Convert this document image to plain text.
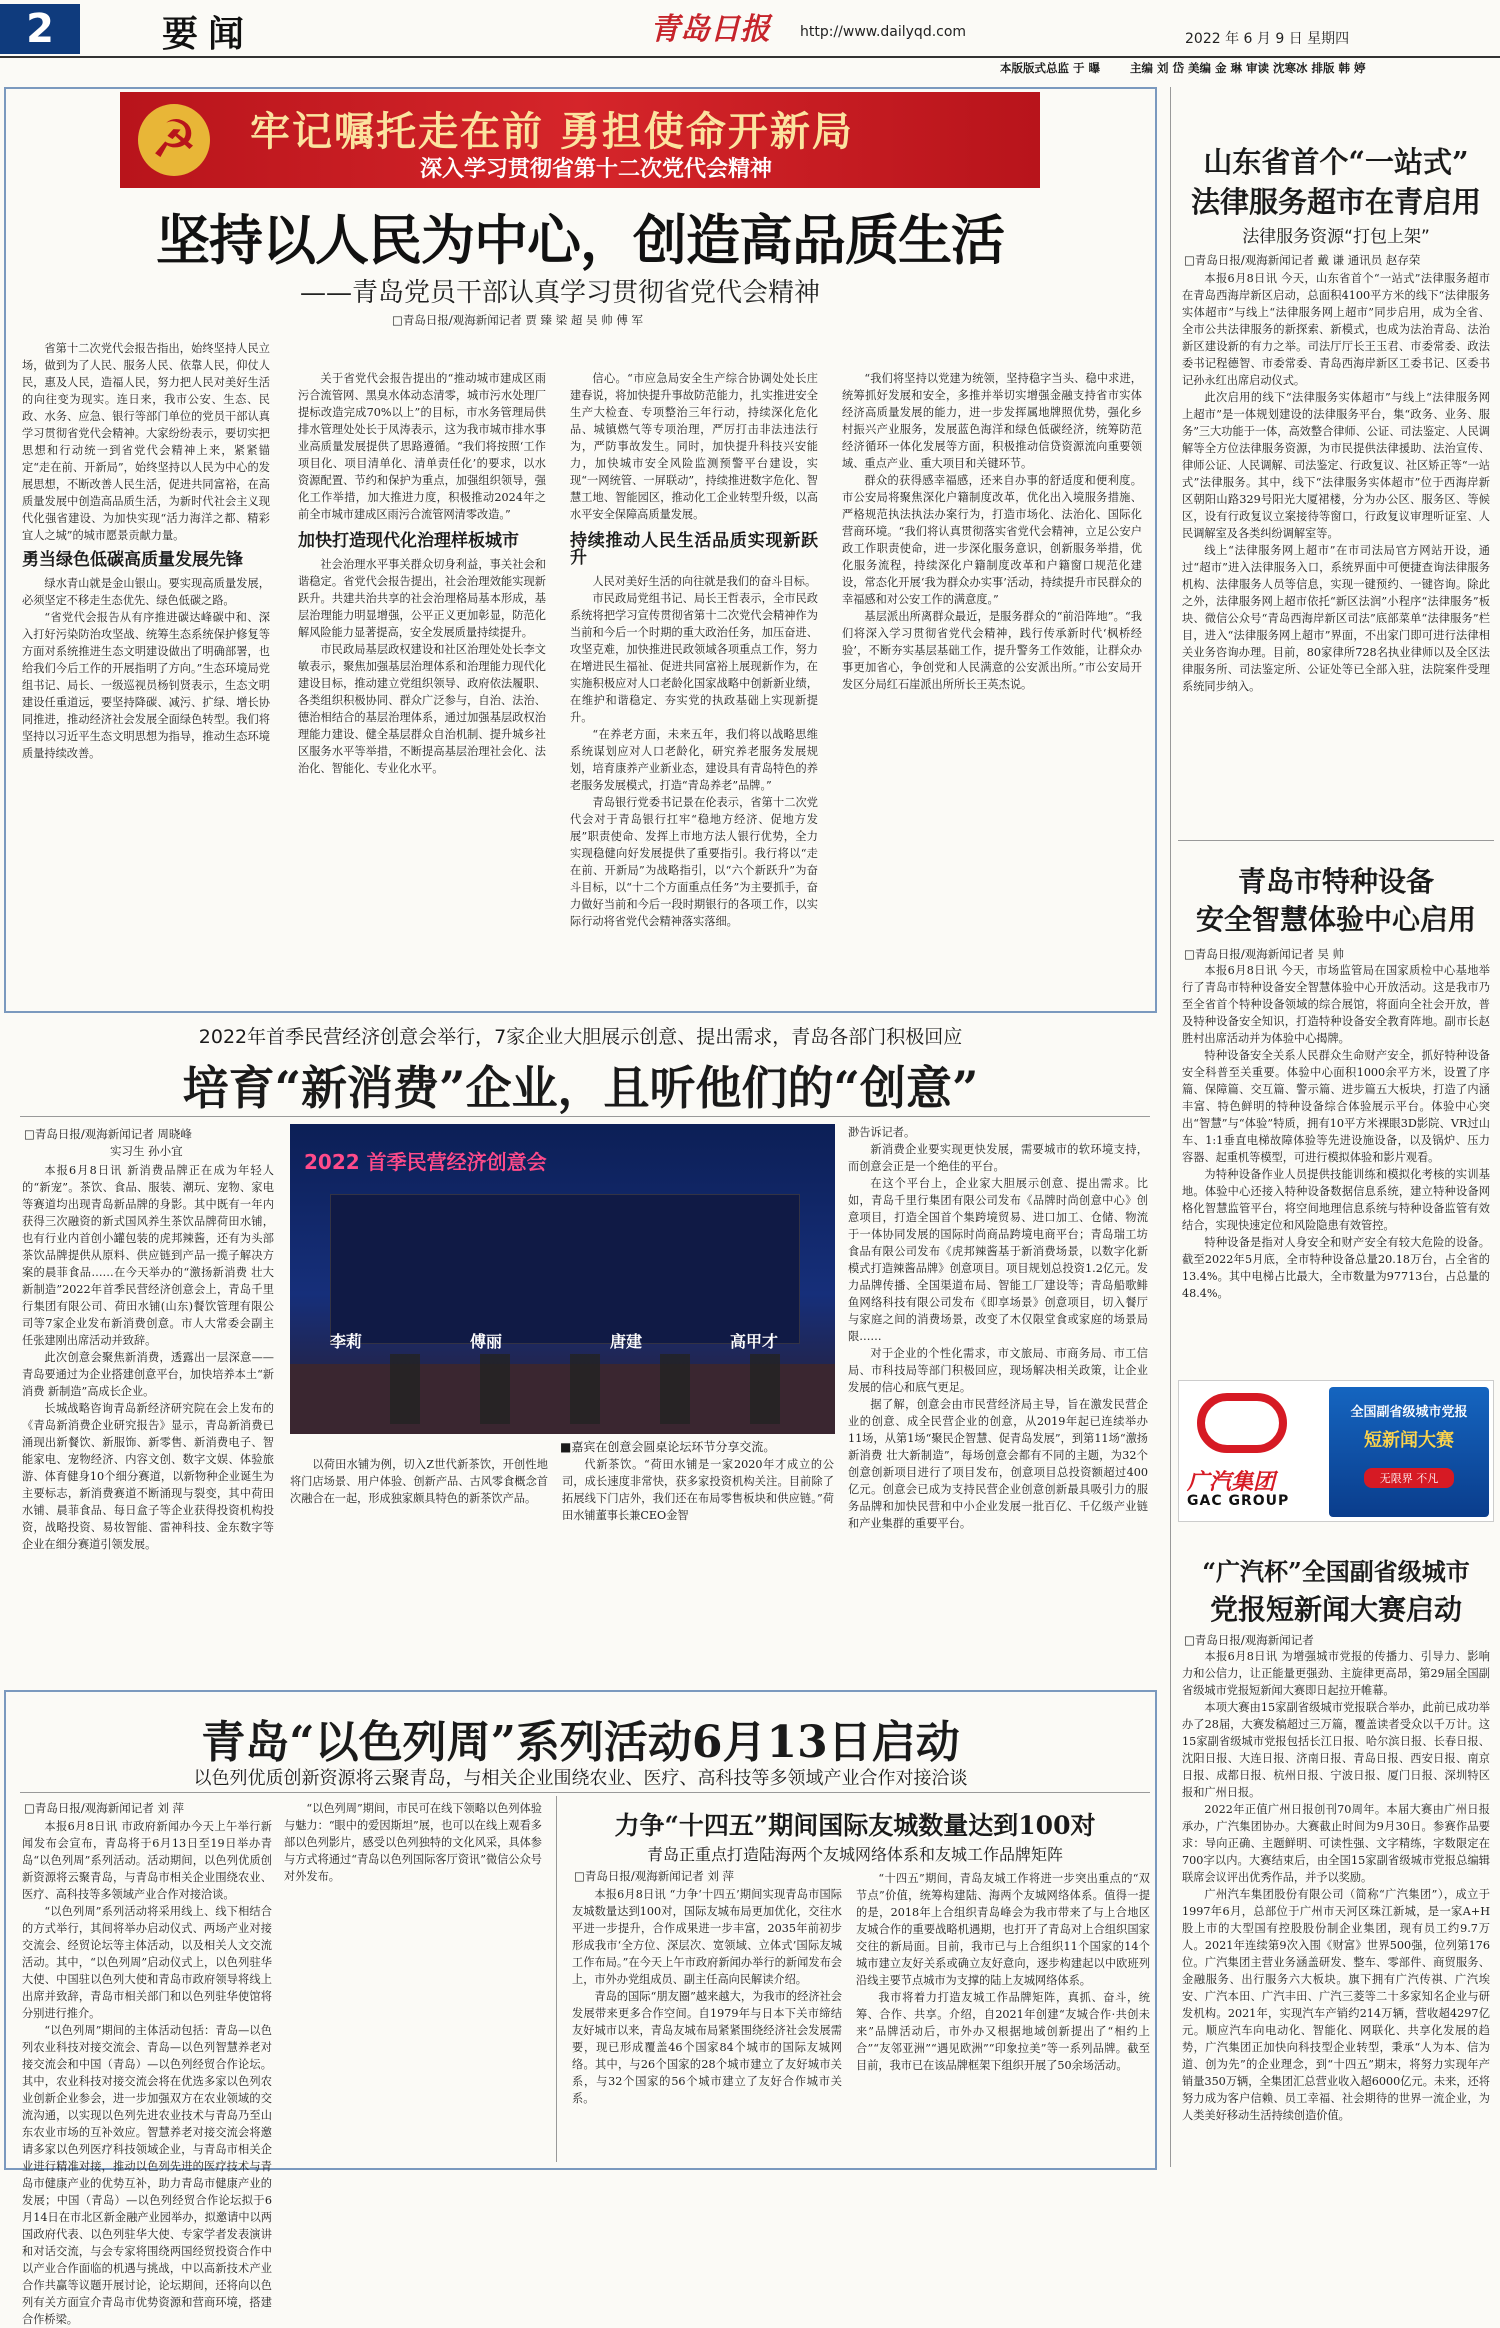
2	要闻	青岛日报 http://www.dailyqd.com	2022 年 6 月 9 日 星期四
本版版式总监 于 曝	主编 刘 岱 美编 金 琳 审读 沈寒冰 排版 韩 婷
☭	牢记嘱托走在前 勇担使命开新局
深入学习贯彻省第十二次党代会精神
坚持以人民为中心，创造高品质生活
——青岛党员干部认真学习贯彻省党代会精神
□青岛日报/观海新闻记者 贾 臻 梁 超 吴 帅 傅 军

省第十二次党代会报告指出，始终坚持人民立场，做到为了人民、服务人民、依靠人民，仰仗人民，惠及人民，造福人民，努力把人民对美好生活的向往变为现实。连日来，我市公安、生态、民政、水务、应急、银行等部门单位的党员干部认真学习贯彻省党代会精神。大家纷纷表示，要切实把思想和行动统一到省党代会精神上来，紧紧锚定“走在前、开新局”，始终坚持以人民为中心的发展思想，不断改善人民生活，促进共同富裕，在高质量发展中创造高品质生活，为新时代社会主义现代化强省建设、为加快实现“活力海洋之都、精彩宜人之城”的城市愿景贡献力量。

勇当绿色低碳高质量发展先锋

绿水青山就是金山银山。要实现高质量发展，必须坚定不移走生态优先、绿色低碳之路。

“省党代会报告从有序推进碳达峰碳中和、深入打好污染防治攻坚战、统筹生态系统保护修复等方面对系统推进生态文明建设做出了明确部署，也给我们今后工作的开展指明了方向。”生态环境局党组书记、局长、一级巡视员杨钊贤表示，生态文明建设任重道远，要坚持降碳、减污、扩绿、增长协同推进，推动经济社会发展全面绿色转型。我们将坚持以习近平生态文明思想为指导，推动生态环境质量持续改善。

关于省党代会报告提出的“推动城市建成区雨污合流管网、黑臭水体动态清零，城市污水处理厂提标改造完成70%以上”的目标，市水务管理局供排水管理处处长于凤涛表示，这为我市城市排水事业高质量发展提供了思路遵循。“我们将按照‘工作项目化、项目清单化、清单责任化’的要求，以水资源配置、节约和保护为重点，加强组织领导，强化工作举措，加大推进力度，积极推动2024年之前全市城市建成区雨污合流管网清零改造。”

加快打造现代化治理样板城市

社会治理水平事关群众切身利益，事关社会和谐稳定。省党代会报告提出，社会治理效能实现新跃升。共建共治共享的社会治理格局基本形成，基层治理能力明显增强，公平正义更加彰显，防范化解风险能力显著提高，安全发展质量持续提升。

市民政局基层政权建设和社区治理处处长李文敏表示，聚焦加强基层治理体系和治理能力现代化建设目标，推动建立党组织领导、政府依法履职、各类组织积极协同、群众广泛参与，自治、法治、德治相结合的基层治理体系，通过加强基层政权治理能力建设、健全基层群众自治机制、提升城乡社区服务水平等举措，不断提高基层治理社会化、法治化、智能化、专业化水平。

信心。“市应急局安全生产综合协调处处长庄建春说，将加快提升事故防范能力，扎实推进安全生产大检查、专项整治三年行动，持续深化危化品、城镇燃气等专项治理，严厉打击非法违法行为，严防事故发生。同时，加快提升科技兴安能力，加快城市安全风险监测预警平台建设，实现“一网统管、一屏联动”，持续推进数字危化、智慧工地、智能园区，推动化工企业转型升级，以高水平安全保障高质量发展。

持续推动人民生活品质实现新跃升

人民对美好生活的向往就是我们的奋斗目标。

市民政局党组书记、局长王哲表示，全市民政系统将把学习宣传贯彻省第十二次党代会精神作为当前和今后一个时期的重大政治任务，加压奋进、攻坚克难，加快推进民政领域各项重点工作，努力在增进民生福祉、促进共同富裕上展现新作为，在实施积极应对人口老龄化国家战略中创新新业绩，在维护和谐稳定、夯实党的执政基础上实现新提升。

“在养老方面，未来五年，我们将以战略思维系统谋划应对人口老龄化，研究养老服务发展规划，培育康养产业新业态，建设具有青岛特色的养老服务发展模式，打造“青岛养老”品牌。”

青岛银行党委书记景在伦表示，省第十二次党代会对于青岛银行扛牢“稳地方经济、促地方发展”职责使命、发挥上市地方法人银行优势，全力实现稳健向好发展提供了重要指引。我行将以“走在前、开新局”为战略指引，以“六个新跃升”为奋斗目标，以“十二个方面重点任务”为主要抓手，奋力做好当前和今后一段时期银行的各项工作，以实际行动将省党代会精神落实落细。

“我们将坚持以党建为统领，坚持稳字当头、稳中求进，统筹抓好发展和安全，多推并举切实增强金融支持省市实体经济高质量发展的能力，进一步发挥属地牌照优势，强化乡村振兴产业服务，发展蓝色海洋和绿色低碳经济，统筹防范经济循环一体化发展等方面，积极推动信贷资源流向重要领域、重点产业、重大项目和关键环节。

群众的获得感幸福感，还来自办事的舒适度和便利度。市公安局将聚焦深化户籍制度改革，优化出入境服务措施、严格规范执法执法办案行为，打造市场化、法治化、国际化营商环境。“我们将认真贯彻落实省党代会精神，立足公安户政工作职责使命，进一步深化服务意识，创新服务举措，优化服务流程，持续深化户籍制度改革和户籍窗口规范化建设，常态化开展‘我为群众办实事’活动，持续提升市民群众的幸福感和对公安工作的满意度。”

基层派出所离群众最近，是服务群众的“前沿阵地”。“我们将深入学习贯彻省党代会精神，践行传承新时代‘枫桥经验’，不断夯实基层基础工作，提升警务工作效能，让群众办事更加省心，争创党和人民满意的公安派出所。”市公安局开发区分局红石崖派出所所长王英杰说。

山东省首个“一站式”
法律服务超市在青启用
法律服务资源“打包上架”
□青岛日报/观海新闻记者 戴 谦 通讯员 赵存荣

本报6月8日讯 今天，山东省首个“一站式”法律服务超市在青岛西海岸新区启动，总面积4100平方米的线下“法律服务实体超市”与线上“法律服务网上超市”同步启用，成为全省、全市公共法律服务的新探索、新模式，也成为法治青岛、法治新区建设新的有力之举。司法厅厅长王玉君、市委常委、政法委书记程德智、市委常委、青岛西海岸新区工委书记、区委书记孙永红出席启动仪式。

此次启用的线下“法律服务实体超市”与线上“法律服务网上超市”是一体规划建设的法律服务平台，集“政务、业务、服务”三大功能于一体，高效整合律师、公证、司法鉴定、人民调解等全方位法律服务资源，为市民提供法律援助、法治宣传、律师公证、人民调解、司法鉴定、行政复议、社区矫正等“一站式”法律服务。其中，线下“法律服务实体超市”位于西海岸新区朝阳山路329号阳光大厦裙楼，分为办公区、服务区、等候区，设有行政复议立案接待等窗口，行政复议审理听证室、人民调解室及各类纠纷调解室等。

线上“法律服务网上超市”在市司法局官方网站开设，通过“超市”进入法律服务入口，系统界面中可便捷查询法律服务机构、法律服务人员等信息，实现一键预约、一键咨询。除此之外，法律服务网上超市依托“新区法润”小程序“法律服务”板块、微信公众号“青岛西海岸新区司法”底部菜单“法律服务”栏目，进入“法律服务网上超市”界面，不出家门即可进行法律相关业务咨询办理。目前，80家律所728名执业律师以及全区法律服务所、司法鉴定所、公证处等已全部入驻，法院案件受理系统同步纳入。

青岛市特种设备
安全智慧体验中心启用
□青岛日报/观海新闻记者 吴 帅

本报6月8日讯 今天，市场监管局在国家质检中心基地举行了青岛市特种设备安全智慧体验中心开放活动。这是我市乃至全省首个特种设备领域的综合展馆，将面向全社会开放，普及特种设备安全知识，打造特种设备安全教育阵地。副市长赵胜村出席活动并为体验中心揭牌。

特种设备安全关系人民群众生命财产安全，抓好特种设备安全科普至关重要。体验中心面积1000余平方米，设置了序篇、保障篇、交互篇、警示篇、进步篇五大板块，打造了内涵丰富、特色鲜明的特种设备综合体验展示平台。体验中心突出“智慧”与“体验”特质，拥有10平方米裸眼3D影院、VR过山车、1:1垂直电梯故障体验等先进设施设备，以及锅炉、压力容器、起重机等模型，可进行模拟体验和影片观看。

为特种设备作业人员提供技能训练和模拟化考核的实训基地。体验中心还接入特种设备数据信息系统，建立特种设备网格化智慧监管平台，将空间地理信息系统与特种设备监管有效结合，实现快速定位和风险隐患有效管控。

特种设备是指对人身安全和财产安全有较大危险的设备。截至2022年5月底，全市特种设备总量20.18万台，占全省的13.4%。其中电梯占比最大，全市数量为97713台，占总量的48.4%。

广汽集团
GAC GROUP
全国副省级城市党报
短新闻大赛
无限界 不凡
“广汽杯”全国副省级城市
党报短新闻大赛启动
□青岛日报/观海新闻记者

本报6月8日讯 为增强城市党报的传播力、引导力、影响力和公信力，让正能量更强劲、主旋律更高昂，第29届全国副省级城市党报短新闻大赛即日起拉开帷幕。

本项大赛由15家副省级城市党报联合举办，此前已成功举办了28届，大赛发稿超过三万篇，覆盖读者受众以千万计。这15家副省级城市党报包括长江日报、哈尔滨日报、长春日报、沈阳日报、大连日报、济南日报、青岛日报、西安日报、南京日报、成都日报、杭州日报、宁波日报、厦门日报、深圳特区报和广州日报。

2022年正值广州日报创刊70周年。本届大赛由广州日报承办，广汽集团协办。大赛截止时间为9月30日。参赛作品要求：导向正确、主题鲜明、可读性强、文字精练，字数限定在700字以内。大赛结束后，由全国15家副省级城市党报总编辑联席会议评出优秀作品，并予以奖励。

广州汽车集团股份有限公司（简称“广汽集团”），成立于1997年6月，总部位于广州市天河区珠江新城，是一家A+H股上市的大型国有控股股份制企业集团，现有员工约9.7万人。2021年连续第9次入围《财富》世界500强，位列第176位。广汽集团主营业务涵盖研发、整车、零部件、商贸服务、金融服务、出行服务六大板块。旗下拥有广汽传祺、广汽埃安、广汽本田、广汽丰田、广汽三菱等二十多家知名企业与研发机构。2021年，实现汽车产销约214万辆，营收超4297亿元。顺应汽车向电动化、智能化、网联化、共享化发展的趋势，广汽集团正加快向科技型企业转型，秉承“人为本、信为道、创为先”的企业理念，到“十四五”期末，将努力实现年产销量350万辆，全集团汇总营业收入超6000亿元。未来，还将努力成为客户信赖、员工幸福、社会期待的世界一流企业，为人类美好移动生活持续创造价值。

2022年首季民营经济创意会举行，7家企业大胆展示创意、提出需求，青岛各部门积极回应
培育“新消费”企业，且听他们的“创意”
□青岛日报/观海新闻记者 周晓峰
实习生 孙小宜

本报6月8日讯 新消费品牌正在成为年轻人的“新宠”。茶饮、食品、服装、潮玩、宠物、家电等赛道均出现青岛新品牌的身影。其中既有一年内获得三次融资的新式国风养生茶饮品牌荷田水铺，也有行业内首创小罐包装的虎邦辣酱，还有为头部茶饮品牌提供从原料、供应链到产品一揽子解决方案的晨菲食品……在今天举办的“激扬新消费 壮大新制造”2022年首季民营经济创意会上，青岛千里行集团有限公司、荷田水铺(山东)餐饮管理有限公司等7家企业发布新消费创意。市人大常委会副主任张建刚出席活动并致辞。

此次创意会聚焦新消费，透露出一层深意——青岛要通过为企业搭建创意平台，加快培养本土“新消费 新制造”高成长企业。

长城战略咨询青岛新经济研究院在会上发布的《青岛新消费企业研究报告》显示，青岛新消费已涌现出新餐饮、新服饰、新零售、新消费电子、智能家电、宠物经济、内容文创、数字文娱、体验旅游、体育健身10个细分赛道，以新物种企业诞生为主要标志，新消费赛道不断涌现与裂变，其中荷田水铺、晨菲食品、每日盒子等企业获得投资机构投资，战略投资、易妆智能、雷神科技、金东数字等企业在细分赛道引领发展。

2022 首季民营经济创意会
李莉	傅丽	唐建	高甲才
■嘉宾在创意会圆桌论坛环节分享交流。

以荷田水铺为例，切入Z世代新茶饮，开创性地将门店场景、用户体验、创新产品、古风零食概念首次融合在一起，形成独家颇具特色的新茶饮产品。

代新茶饮。“荷田水铺是一家2020年才成立的公司，成长速度非常快，获多家投资机构关注。目前除了拓展线下门店外，我们还在布局零售板块和供应链。”荷田水铺董事长兼CEO金智

渺告诉记者。

新消费企业要实现更快发展，需要城市的软环境支持，而创意会正是一个绝佳的平台。

在这个平台上，企业家大胆展示创意、提出需求。比如，青岛千里行集团有限公司发布《品牌时尚创意中心》创意项目，打造全国首个集跨境贸易、进口加工、仓储、物流于一体协同发展的国际时尚商品跨境电商平台；青岛瑞工坊食品有限公司发布《虎邦辣酱基于新消费场景，以数字化新模式打造辣酱品牌》创意项目。项目规划总投资1.2亿元。发力品牌传播、全国渠道布局、智能工厂建设等；青岛船歌鲱鱼网络科技有限公司发布《即享场景》创意项目，切入餐厅与家庭之间的消费场景，改变了木仅限堂食或家庭的场景局限……

对于企业的个性化需求，市文旅局、市商务局、市工信局、市科技局等部门积极回应，现场解决相关政策，让企业发展的信心和底气更足。

据了解，创意会由市民营经济局主导，旨在激发民营企业的创意、成全民营企业的创意，从2019年起已连续举办11场，从第1场“聚民企智慧、促青岛发展”，到第11场“激扬新消费 壮大新制造”，每场创意会都有不同的主题，为32个创意创新项目进行了项目发布，创意项目总投资额超过400亿元。创意会已成为支持民营企业创意创新最具吸引力的服务品牌和加快民营和中小企业发展一批百亿、千亿级产业链和产业集群的重要平台。

青岛“以色列周”系列活动6月13日启动
以色列优质创新资源将云聚青岛，与相关企业围绕农业、医疗、高科技等多领域产业合作对接洽谈
□青岛日报/观海新闻记者 刘 萍

本报6月8日讯 市政府新闻办今天上午举行新闻发布会宣布，青岛将于6月13日至19日举办青岛“以色列周”系列活动。活动期间，以色列优质创新资源将云聚青岛，与青岛市相关企业围绕农业、医疗、高科技等多领域产业合作对接洽谈。

“以色列周”系列活动将采用线上、线下相结合的方式举行，其间将举办启动仪式、两场产业对接交流会、经贸论坛等主体活动，以及相关人文交流活动。其中，“以色列周”启动仪式上，以色列驻华大使、中国驻以色列大使和青岛市政府领导将线上出席并致辞，青岛市相关部门和以色列驻华使馆将分别进行推介。

“以色列周”期间的主体活动包括：青岛—以色列农业科技对接交流会、青岛—以色列智慧养老对接交流会和中国（青岛）—以色列经贸合作论坛。其中，农业科技对接交流会将在优选多家以色列农业创新企业参会，进一步加强双方在农业领域的交流沟通，以实现以色列先进农业技术与青岛乃至山东农业市场的互补效应。智慧养老对接交流会将邀请多家以色列医疗科技领域企业，与青岛市相关企业进行精准对接，推动以色列先进的医疗技术与青岛市健康产业的优势互补，助力青岛市健康产业的发展；中国（青岛）—以色列经贸合作论坛拟于6月14日在市北区新金融产业园举办，拟邀请中以两国政府代表、以色列驻华大使、专家学者发表演讲和对话交流，与会专家将围绕两国经贸投资合作中以产业合作面临的机遇与挑战，中以高新技术产业合作共赢等议题开展讨论，论坛期间，还将向以色列有关方面宣介青岛市优势资源和营商环境，搭建合作桥梁。

“以色列周”期间，市民可在线下领略以色列体验与魅力：“眼中的爱因斯坦”展，也可以在线上观看多部以色列影片，感受以色列独特的文化风采，具体参与方式将通过“青岛以色列国际客厅资讯”微信公众号对外发布。

力争“十四五”期间国际友城数量达到100对
青岛正重点打造陆海两个友城网络体系和友城工作品牌矩阵
□青岛日报/观海新闻记者 刘 萍

本报6月8日讯 “力争‘十四五’期间实现青岛市国际友城数量达到100对，国际友城布局更加优化，交往水平进一步提升，合作成果进一步丰富，2035年前初步形成我市‘全方位、深层次、宽领域、立体式’国际友城工作布局。”在今天上午市政府新闻办举行的新闻发布会上，市外办党组成员、副主任高向民解读介绍。

青岛的国际“朋友圈”越来越大，为我市的经济社会发展带来更多合作空间。自1979年与日本下关市缔结友好城市以来，青岛友城布局紧紧围绕经济社会发展需要，现已形成覆盖46个国家84个城市的国际友城网络。其中，与26个国家的28个城市建立了友好城市关系，与32个国家的56个城市建立了友好合作城市关系。

“十四五”期间，青岛友城工作将进一步突出重点的“双节点”价值，统筹构建陆、海两个友城网络体系。值得一提的是，2018年上合组织青岛峰会为我市带来了与上合地区友城合作的重要战略机遇期，也打开了青岛对上合组织国家交往的新局面。目前，我市已与上合组织11个国家的14个城市建立友好关系或确立友好意向，逐步构建起以中欧班列沿线主要节点城市为支撑的陆上友城网络体系。

我市将着力打造友城工作品牌矩阵，真抓、奋斗，统筹、合作、共享。介绍，自2021年创建“友城合作·共创未来”品牌活动后，市外办又根据地域创新提出了“相约上合”“友邻亚洲”“遇见欧洲”“印象拉美”等一系列品牌。截至目前，我市已在该品牌框架下组织开展了50余场活动。
